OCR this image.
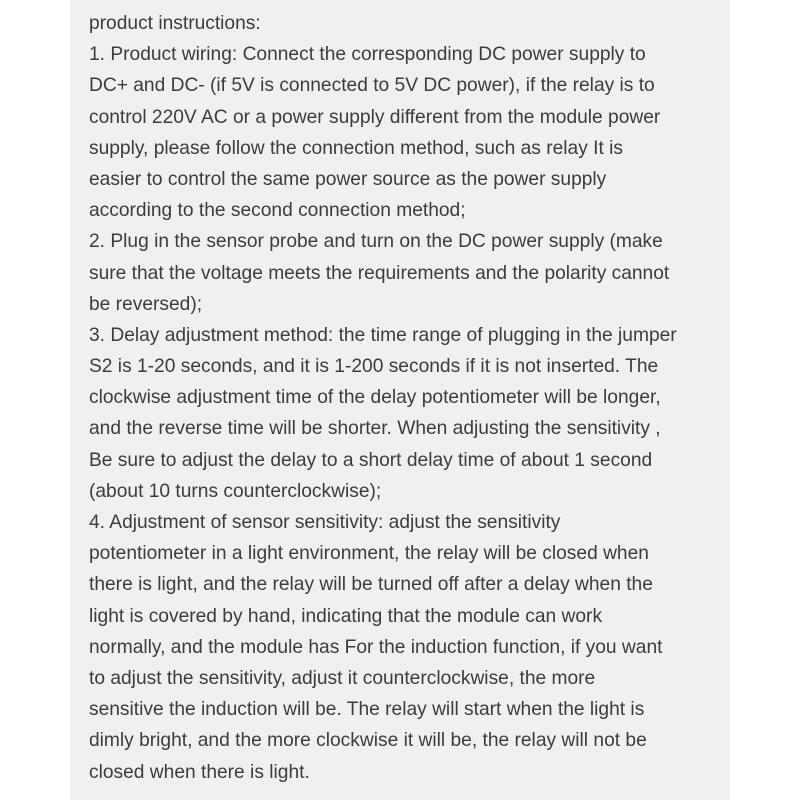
product instructions:
1. Product wiring: Connect the corresponding DC power supply to
DC+ and DC- (if 5V is connected to 5V DC power), if the relay is to
control 220V AC or a power supply different from the module power
supply, please follow the connection method, such as relay It is
easier to control the same power source as the power supply
according to the second connection method;
2. Plug in the sensor probe and turn on the DC power supply (make
sure that the voltage meets the requirements and the polarity cannot
be reversed);
3. Delay adjustment method: the time range of plugging in the jumper
S2 is 1-20 seconds, and it is 1-200 seconds if it is not inserted. The
clockwise adjustment time of the delay potentiometer will be longer,
and the reverse time will be shorter. When adjusting the sensitivity ,
Be sure to adjust the delay to a short delay time of about 1 second
(about 10 turns counterclockwise);
4. Adjustment of sensor sensitivity: adjust the sensitivity
potentiometer in a light environment, the relay will be closed when
there is light, and the relay will be turned off after a delay when the
light is covered by hand, indicating that the module can work
normally, and the module has For the induction function, if you want
to adjust the sensitivity, adjust it counterclockwise, the more
sensitive the induction will be. The relay will start when the light is
dimly bright, and the more clockwise it will be, the relay will not be
closed when there is light.
